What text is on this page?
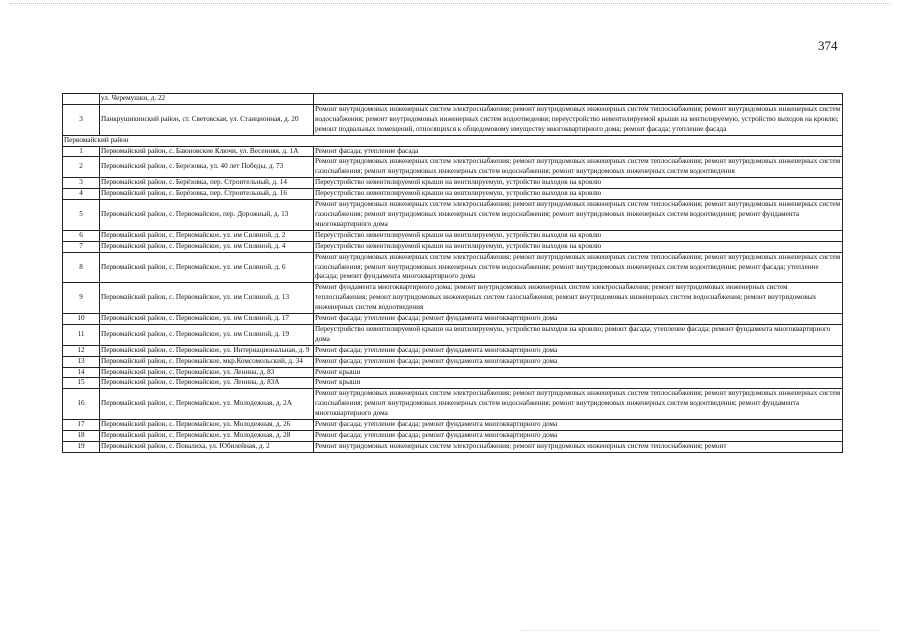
374
	ул. Черемушки, д. 22	
3	Панкрушихинский район, ст. Световская, ул. Станционная, д. 20	Ремонт внутридомовых инженерных систем электроснабжения; ремонт внутридомовых инженерных систем теплоснабжения; ремонт внутридомовых инженерных систем водоснабжения; ремонт внутридомовых инженерных систем водоотведения; переустройство невентилируемой крыши на вентилируемую, устройство выходов на кровлю; ремонт подвальных помещений, относящихся к общедомовому имуществу многоквартирного дома; ремонт фасада; утепление фасада
Первомайский район		
1	Первомайский район, с. Баюновские Ключи, ул. Весенняя, д. 1А	Ремонт фасада; утепление фасада
2	Первомайский район, с. Березовка, ул. 40 лет Победы, д. 73	Ремонт внутридомовых инженерных систем электроснабжения; ремонт внутридомовых инженерных систем теплоснабжения; ремонт внутридомовых инженерных систем газоснабжения; ремонт внутридомовых инженерных систем водоснабжения; ремонт внутридомовых инженерных систем водоотведения
3	Первомайский район, с. Берёзовка, пер. Строительный, д. 14	Переустройство невентилируемой крыши на вентилируемую, устройство выходов на кровлю
4	Первомайский район, с. Берёзовка, пер. Строительный, д. 16	Переустройство невентилируемой крыши на вентилируемую, устройство выходов на кровлю
5	Первомайский район, с. Первомайское, пер. Дорожный, д. 13	Ремонт внутридомовых инженерных систем электроснабжения; ремонт внутридомовых инженерных систем теплоснабжения; ремонт внутридомовых инженерных систем газоснабжения; ремонт внутридомовых инженерных систем водоснабжения; ремонт внутридомовых инженерных систем водоотведения; ремонт фундамента многоквартирного дома
6	Первомайский район, с. Первомайское, ул. им Силиной, д. 2	Переустройство невентилируемой крыши на вентилируемую, устройство выходов на кровлю
7	Первомайский район, с. Первомайское, ул. им Силиной, д. 4	Переустройство невентилируемой крыши на вентилируемую, устройство выходов на кровлю
8	Первомайский район, с. Первомайское, ул. им Силиной, д. 6	Ремонт внутридомовых инженерных систем электроснабжения; ремонт внутридомовых инженерных систем теплоснабжения; ремонт внутридомовых инженерных систем газоснабжения; ремонт внутридомовых инженерных систем водоснабжения; ремонт внутридомовых инженерных систем водоотведения; ремонт фасада; утепление фасада; ремонт фундамента многоквартирного дома
9	Первомайский район, с. Первомайское, ул. им Силиной, д. 13	Ремонт фундамента многоквартирного дома; ремонт внутридомовых инженерных систем электроснабжения; ремонт внутридомовых инженерных систем теплоснабжения; ремонт внутридомовых инженерных систем газоснабжения; ремонт внутридомовых инженерных систем водоснабжения; ремонт внутридомовых инженерных систем водоотведения
10	Первомайский район, с. Первомайское, ул. им Силиной, д. 17	Ремонт фасада; утепление фасада; ремонт фундамента многоквартирного дома
11	Первомайский район, с. Первомайское, ул. им Силиной, д. 19	Переустройство невентилируемой крыши на вентилируемую, устройство выходов на кровлю; ремонт фасада; утепление фасада; ремонт фундамента многоквартирного дома
12	Первомайский район, с. Первомайское, ул. Интернациональная, д. 9	Ремонт фасада; утепление фасада; ремонт фундамента многоквартирного дома
13	Первомайский район, с. Первомайское, мкр.Комсомольский, д. 34	Ремонт фасада; утепление фасада; ремонт фундамента многоквартирного дома
14	Первомайский район, с. Первомайское, ул. Ленина, д. 83	Ремонт крыши
15	Первомайский район, с. Первомайское, ул. Ленина, д. 83А	Ремонт крыши
16	Первомайский район, с. Первомайское, ул. Молодежная, д. 2А	Ремонт внутридомовых инженерных систем электроснабжения; ремонт внутридомовых инженерных систем теплоснабжения; ремонт внутридомовых инженерных систем газоснабжения; ремонт внутридомовых инженерных систем водоснабжения; ремонт внутридомовых инженерных систем водоотведения; ремонт фундамента многоквартирного дома
17	Первомайский район, с. Первомайское, ул. Молодежная, д. 26	Ремонт фасада; утепление фасада; ремонт фундамента многоквартирного дома
18	Первомайский район, с. Первомайское, ул. Молодежная, д. 28	Ремонт фасада; утепление фасада; ремонт фундамента многоквартирного дома
19	Первомайский район, с. Повалиха, ул. Юбилейная, д. 2	Ремонт внутридомовых инженерных систем электроснабжения; ремонт внутридомовых инженерных систем теплоснабжения; ремонт
